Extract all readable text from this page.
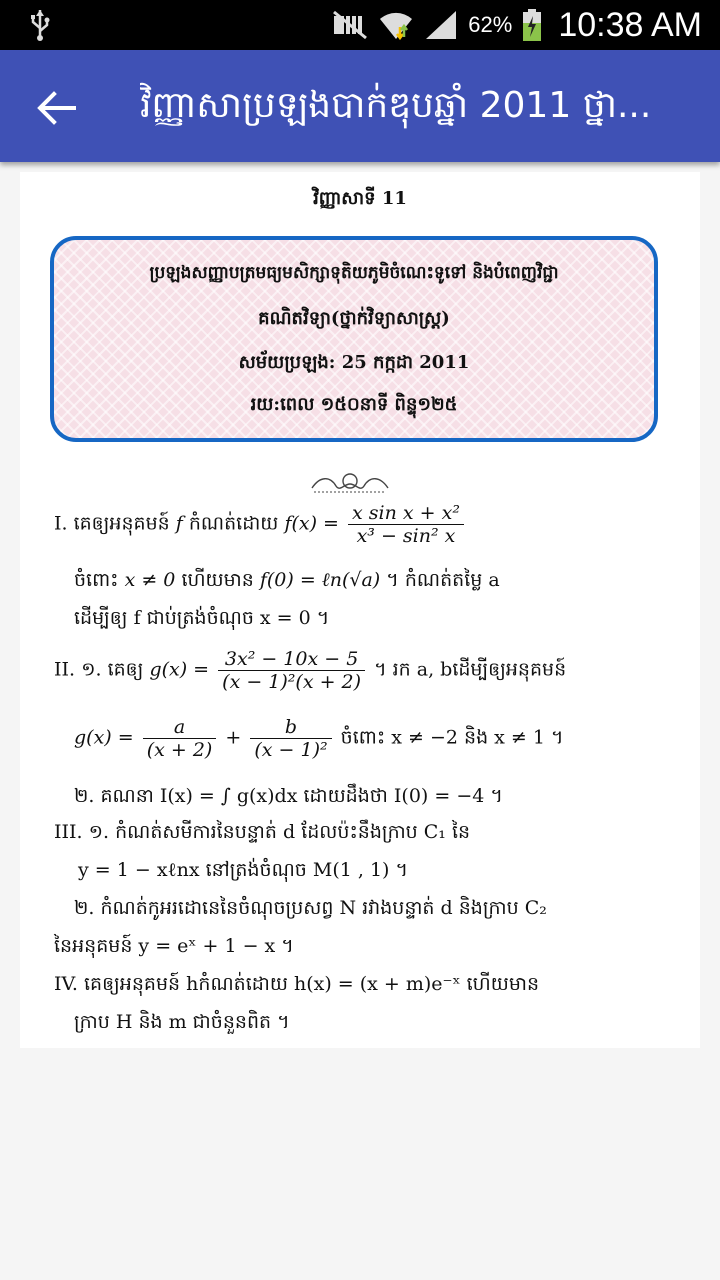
62% 10:38 AM
វិញ្ញាសាប្រឡងបាក់ឌុបឆ្នាំ 2011 ថ្នា...
វិញ្ញាសាទី 11
ប្រឡងសញ្ញាបត្រមធ្យមសិក្សាទុតិយភូមិចំណេះទូទៅ និងបំពេញវិជ្ជា
គណិតវិទ្យា(ថ្នាក់វិទ្យាសាស្ត្រ)
សម័យប្រឡង: 25 កក្កដា 2011
រយ:ពេល ១៥០នាទី ពិន្ទុ១២៥
I. គេឲ្យអនុគមន៍ f កំណត់ដោយ $f(x) = \frac{\text{x sin x + x²}}{\text{x³ − sin² x}}$
ចំពោះ x ≠ 0 ហើយមាន f(0) = ℓn(√a) ។ កំណត់តម្លៃ a
ដើម្បីឲ្យ f ជាប់ត្រង់ចំណុច x = 0 ។
II. ១. គេឲ្យ $g(x) = \frac{\text{3x² − 10x − 5}}{\text{(x − 1)²(x + 2)}}$ ។ រក a, bដើម្បីឲ្យអនុគមន៍
$g(x) = \frac{a}{(x + 2)} + \frac{b}{\text{(x − 1)²}}$ ចំពោះ x ≠ −2 និង x ≠ 1 ។
២. គណនា I(x) = ∫ g(x)dx ដោយដឹងថា I(0) = −4 ។
III. ១. កំណត់សមីការនៃបន្ទាត់ d ដែលប៉ះនឹងក្រាប C₁ នៃ
y = 1 − xℓnx នៅត្រង់ចំណុច M(1 , 1) ។
២. កំណត់កូអរដោនេនៃចំណុចប្រសព្វ N រវាងបន្ទាត់ d និងក្រាប C₂
នៃអនុគមន៍ y = eˣ + 1 − x ។
IV. គេឲ្យអនុគមន៍ hកំណត់ដោយ h(x) = (x + m)e⁻ˣ ហើយមាន
ក្រាប H និង m ជាចំនួនពិត ។
